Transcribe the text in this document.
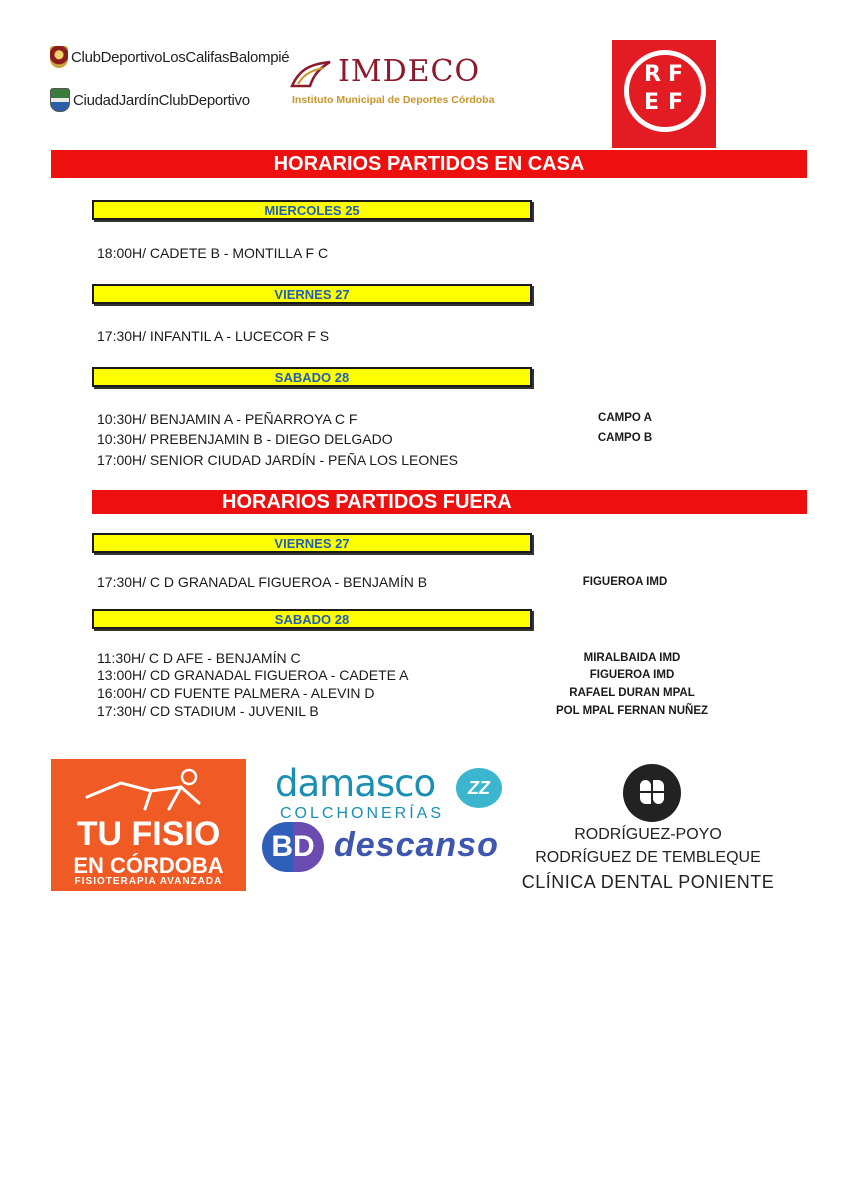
ClubDeportivoLosCalifasBalompié
CiudadJardínClubDeportivo
IMDECO
Instituto Municipal de Deportes Córdoba
R F
E F
HORARIOS PARTIDOS EN CASA
MIERCOLES 25
18:00H/ CADETE B - MONTILLA F C
VIERNES 27
17:30H/ INFANTIL A - LUCECOR F S
SABADO 28
10:30H/ BENJAMIN A - PEÑARROYA C F	CAMPO A
10:30H/ PREBENJAMIN B - DIEGO DELGADO	CAMPO B
17:00H/ SENIOR CIUDAD JARDÍN - PEÑA LOS LEONES
HORARIOS PARTIDOS FUERA
VIERNES 27
17:30H/ C D GRANADAL FIGUEROA - BENJAMÍN B	FIGUEROA IMD
SABADO 28
11:30H/ C D AFE - BENJAMÍN C	MIRALBAIDA IMD
13:00H/ CD GRANADAL FIGUEROA - CADETE A	FIGUEROA IMD
16:00H/ CD FUENTE PALMERA - ALEVIN D	RAFAEL DURAN MPAL
17:30H/ CD STADIUM - JUVENIL B	POL MPAL FERNAN NUÑEZ
TU FISIO
EN CÓRDOBA
FISIOTERAPIA AVANZADA
damasco	ZZ
COLCHONERÍAS
BD descanso	RODRÍGUEZ-POYO
RODRÍGUEZ DE TEMBLEQUE
CLÍNICA DENTAL PONIENTE
